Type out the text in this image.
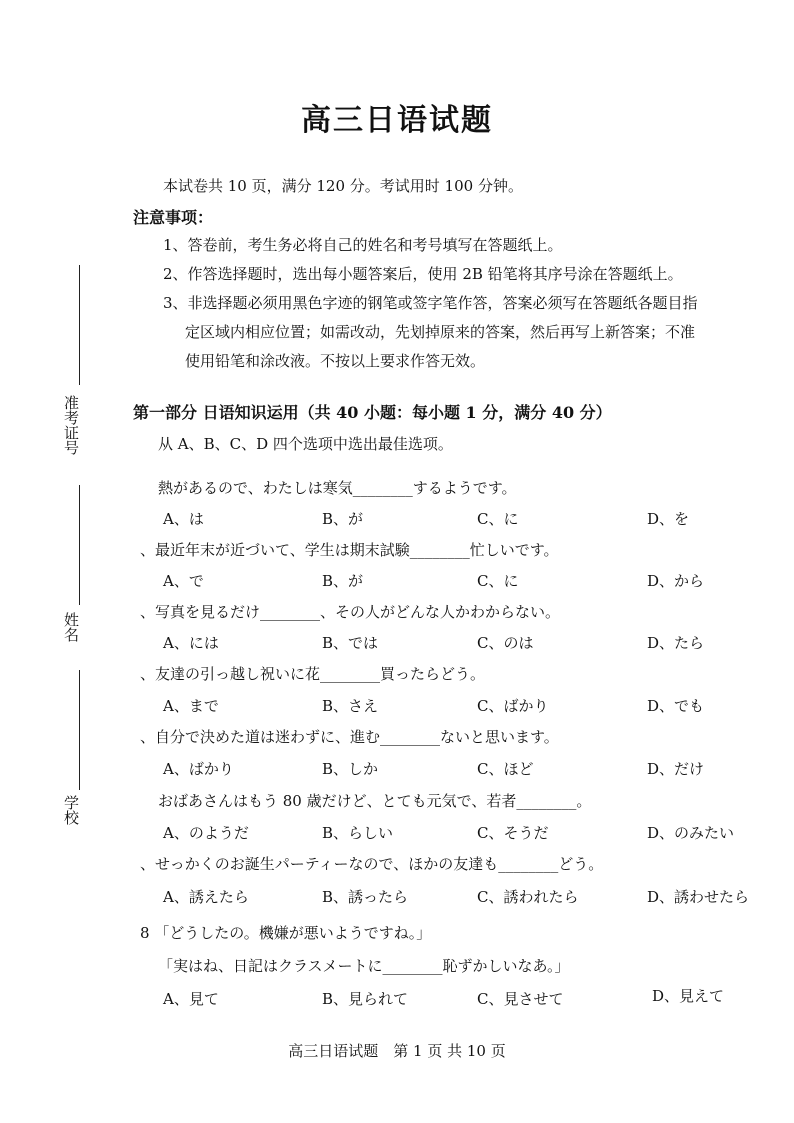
高三日语试题
本试卷共 10 页，满分 120 分。考试用时 100 分钟。
注意事项：
1、答卷前，考生务必将自己的姓名和考号填写在答题纸上。
2、作答选择题时，选出每小题答案后，使用 2B 铅笔将其序号涂在答题纸上。
3、非选择题必须用黑色字迹的钢笔或签字笔作答，答案必须写在答题纸各题目指
定区域内相应位置；如需改动，先划掉原来的答案，然后再写上新答案；不准
使用铅笔和涂改液。不按以上要求作答无效。
准考证号
姓名
学校
第一部分 日语知识运用（共 40 小题：每小题 1 分，满分 40 分）
从 A、B、C、D 四个选项中选出最佳选项。
熱があるので、わたしは寒気________するようです。
A、は	B、が	C、に	D、を
、最近年末が近づいて、学生は期末試験________忙しいです。
A、で	B、が	C、に	D、から
、写真を見るだけ________、その人がどんな人かわからない。
A、には	B、では	C、のは	D、たら
、友達の引っ越し祝いに花________買ったらどう。
A、まで	B、さえ	C、ばかり	D、でも
、自分で決めた道は迷わずに、進む________ないと思います。
A、ばかり	B、しか	C、ほど	D、だけ
おばあさんはもう 80 歳だけど、とても元気で、若者________。
A、のようだ	B、らしい	C、そうだ	D、のみたい
、せっかくのお誕生パーティーなので、ほかの友達も________どう。
A、誘えたら	B、誘ったら	C、誘われたら	D、誘わせたら
8 「どうしたの。機嫌が悪いようですね。」
「実はね、日記はクラスメートに________恥ずかしいなあ。」
A、見て	B、見られて	C、見させて	D、見えて
高三日语试题　第 1 页 共 10 页
